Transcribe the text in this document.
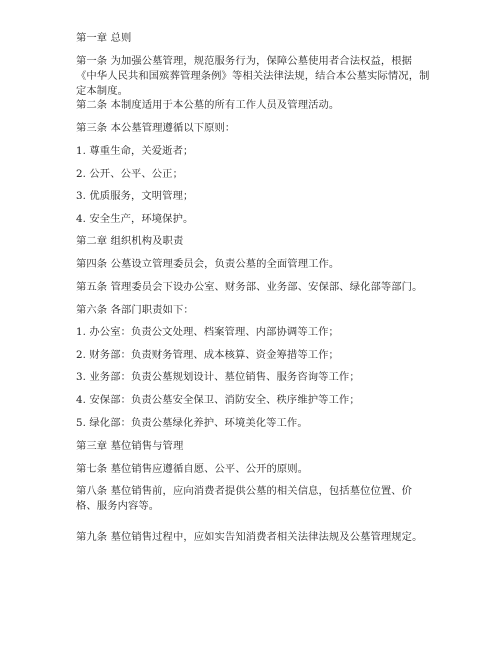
第一章 总则
第一条 为加强公墓管理，规范服务行为，保障公墓使用者合法权益，根据《中华人民共和国殡葬管理条例》等相关法律法规，结合本公墓实际情况，制定本制度。
第二条 本制度适用于本公墓的所有工作人员及管理活动。
第三条 本公墓管理遵循以下原则：
1. 尊重生命，关爱逝者；
2. 公开、公平、公正；
3. 优质服务，文明管理；
4. 安全生产，环境保护。
第二章 组织机构及职责
第四条 公墓设立管理委员会，负责公墓的全面管理工作。
第五条 管理委员会下设办公室、财务部、业务部、安保部、绿化部等部门。
第六条 各部门职责如下：
1. 办公室：负责公文处理、档案管理、内部协调等工作；
2. 财务部：负责财务管理、成本核算、资金筹措等工作；
3. 业务部：负责公墓规划设计、墓位销售、服务咨询等工作；
4. 安保部：负责公墓安全保卫、消防安全、秩序维护等工作；
5. 绿化部：负责公墓绿化养护、环境美化等工作。
第三章 墓位销售与管理
第七条 墓位销售应遵循自愿、公平、公开的原则。
第八条 墓位销售前，应向消费者提供公墓的相关信息，包括墓位位置、价格、服务内容等。
第九条 墓位销售过程中，应如实告知消费者相关法律法规及公墓管理规定。
